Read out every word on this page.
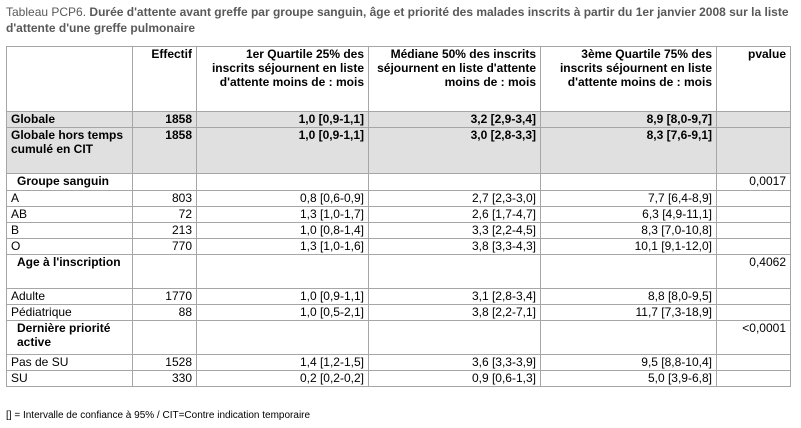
Tableau PCP6. Durée d'attente avant greffe par groupe sanguin, âge et priorité des malades inscrits à partir du 1er janvier 2008 sur la liste d'attente d'une greffe pulmonaire
	Effectif	1er Quartile 25% des inscrits séjournent en liste d'attente moins de : mois	Médiane 50% des inscrits séjournent en liste d'attente moins de : mois	3ème Quartile 75% des inscrits séjournent en liste d'attente moins de : mois	pvalue
Globale	1858	1,0 [0,9-1,1]	3,2 [2,9-3,4]	8,9 [8,0-9,7]	
Globale hors temps cumulé en CIT	1858	1,0 [0,9-1,1]	3,0 [2,8-3,3]	8,3 [7,6-9,1]	
Groupe sanguin					0,0017
A	803	0,8 [0,6-0,9]	2,7 [2,3-3,0]	7,7 [6,4-8,9]	
AB	72	1,3 [1,0-1,7]	2,6 [1,7-4,7]	6,3 [4,9-11,1]	
B	213	1,0 [0,8-1,4]	3,3 [2,2-4,5]	8,3 [7,0-10,8]	
O	770	1,3 [1,0-1,6]	3,8 [3,3-4,3]	10,1 [9,1-12,0]	
Age à l'inscription					0,4062
Adulte	1770	1,0 [0,9-1,1]	3,1 [2,8-3,4]	8,8 [8,0-9,5]	
Pédiatrique	88	1,0 [0,5-2,1]	3,8 [2,2-7,1]	11,7 [7,3-18,9]	
Dernière priorité active					<0,0001
Pas de SU	1528	1,4 [1,2-1,5]	3,6 [3,3-3,9]	9,5 [8,8-10,4]	
SU	330	0,2 [0,2-0,2]	0,9 [0,6-1,3]	5,0 [3,9-6,8]	
[] = Intervalle de confiance à 95% / CIT=Contre indication temporaire
